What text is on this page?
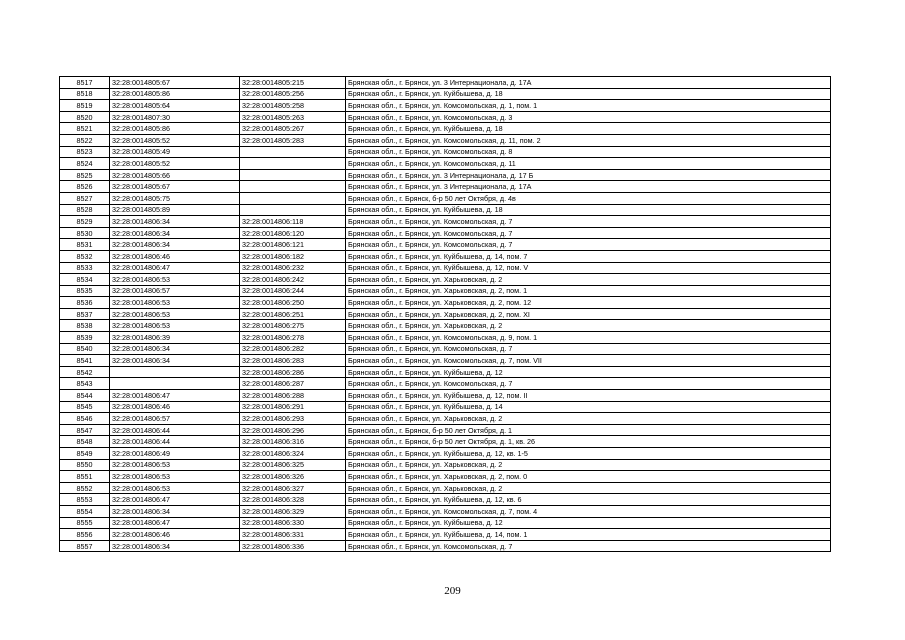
8517	32:28:0014805:67	32:28:0014805:215	Брянская обл., г. Брянск, ул. 3 Интернационала, д. 17А
8518	32:28:0014805:86	32:28:0014805:256	Брянская обл., г. Брянск, ул. Куйбышева, д. 18
8519	32:28:0014805:64	32:28:0014805:258	Брянская обл., г. Брянск, ул. Комсомольская, д. 1, пом. 1
8520	32:28:0014807:30	32:28:0014805:263	Брянская обл., г. Брянск, ул. Комсомольская, д. 3
8521	32:28:0014805:86	32:28:0014805:267	Брянская обл., г. Брянск, ул. Куйбышева, д. 18
8522	32:28:0014805:52	32:28:0014805:283	Брянская обл., г. Брянск, ул. Комсомольская, д. 11, пом. 2
8523	32:28:0014805:49		Брянская обл., г. Брянск, ул. Комсомольская, д. 8
8524	32:28:0014805:52		Брянская обл., г. Брянск, ул. Комсомольская, д. 11
8525	32:28:0014805:66		Брянская обл., г. Брянск, ул. 3 Интернационала, д. 17 Б
8526	32:28:0014805:67		Брянская обл., г. Брянск, ул. 3 Интернационала, д. 17А
8527	32:28:0014805:75		Брянская обл., г. Брянск, б-р 50 лет Октября, д. 4в
8528	32:28:0014805:89		Брянская обл., г. Брянск, ул. Куйбышева, д. 18
8529	32:28:0014806:34	32:28:0014806:118	Брянская обл., г. Брянск, ул. Комсомольская, д. 7
8530	32:28:0014806:34	32:28:0014806:120	Брянская обл., г. Брянск, ул. Комсомольская, д. 7
8531	32:28:0014806:34	32:28:0014806:121	Брянская обл., г. Брянск, ул. Комсомольская, д. 7
8532	32:28:0014806:46	32:28:0014806:182	Брянская обл., г. Брянск, ул. Куйбышева, д. 14, пом. 7
8533	32:28:0014806:47	32:28:0014806:232	Брянская обл., г. Брянск, ул. Куйбышева, д. 12, пом. V
8534	32:28:0014806:53	32:28:0014806:242	Брянская обл., г. Брянск, ул. Харьковская, д. 2
8535	32:28:0014806:57	32:28:0014806:244	Брянская обл., г. Брянск, ул. Харьковская, д. 2, пом. 1
8536	32:28:0014806:53	32:28:0014806:250	Брянская обл., г. Брянск, ул. Харьковская, д. 2, пом. 12
8537	32:28:0014806:53	32:28:0014806:251	Брянская обл., г. Брянск, ул. Харьковская, д. 2, пом. XI
8538	32:28:0014806:53	32:28:0014806:275	Брянская обл., г. Брянск, ул. Харьковская, д. 2
8539	32:28:0014806:39	32:28:0014806:278	Брянская обл., г. Брянск, ул. Комсомольская, д. 9, пом. 1
8540	32:28:0014806:34	32:28:0014806:282	Брянская обл., г. Брянск, ул. Комсомольская, д. 7
8541	32:28:0014806:34	32:28:0014806:283	Брянская обл., г. Брянск, ул. Комсомольская, д. 7, пом. VII
8542		32:28:0014806:286	Брянская обл., г. Брянск, ул. Куйбышева, д. 12
8543		32:28:0014806:287	Брянская обл., г. Брянск, ул. Комсомольская, д. 7
8544	32:28:0014806:47	32:28:0014806:288	Брянская обл., г. Брянск, ул. Куйбышева, д. 12, пом. II
8545	32:28:0014806:46	32:28:0014806:291	Брянская обл., г. Брянск, ул. Куйбышева, д. 14
8546	32:28:0014806:57	32:28:0014806:293	Брянская обл., г. Брянск, ул. Харьковская, д. 2
8547	32:28:0014806:44	32:28:0014806:296	Брянская обл., г. Брянск, б-р 50 лет Октября, д. 1
8548	32:28:0014806:44	32:28:0014806:316	Брянская обл., г. Брянск, б-р 50 лет Октября, д. 1, кв. 26
8549	32:28:0014806:49	32:28:0014806:324	Брянская обл., г. Брянск, ул. Куйбышева, д. 12, кв. 1-5
8550	32:28:0014806:53	32:28:0014806:325	Брянская обл., г. Брянск, ул. Харьковская, д. 2
8551	32:28:0014806:53	32:28:0014806:326	Брянская обл., г. Брянск, ул. Харьковская, д. 2, пом. 0
8552	32:28:0014806:53	32:28:0014806:327	Брянская обл., г. Брянск, ул. Харьковская, д. 2
8553	32:28:0014806:47	32:28:0014806:328	Брянская обл., г. Брянск, ул. Куйбышева, д. 12, кв. 6
8554	32:28:0014806:34	32:28:0014806:329	Брянская обл., г. Брянск, ул. Комсомольская, д. 7, пом. 4
8555	32:28:0014806:47	32:28:0014806:330	Брянская обл., г. Брянск, ул. Куйбышева, д. 12
8556	32:28:0014806:46	32:28:0014806:331	Брянская обл., г. Брянск, ул. Куйбышева, д. 14, пом. 1
8557	32:28:0014806:34	32:28:0014806:336	Брянская обл., г. Брянск, ул. Комсомольская, д. 7
209
